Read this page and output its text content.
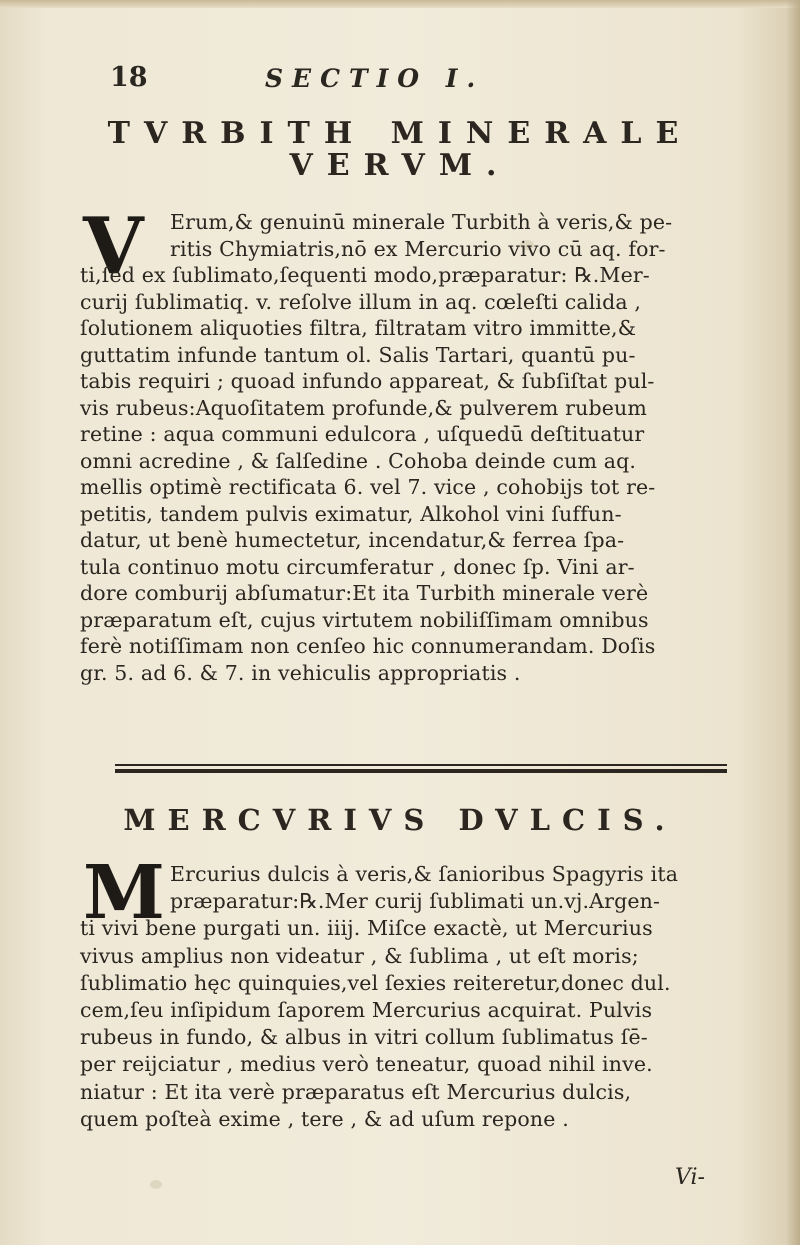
18	SECTIO I.
TVRBITH MINERALE
VERVM.
V	Erum,& genuinū minerale Turbith à veris,& pe-
ritis Chymiatris,nō ex Mercurio vivo cū aq. for-
ti,ſed ex ſublimato,ſequenti modo,præparatur: ℞.Mer-
curij ſublimatiq. v. reſolve illum in aq. cœleſti calida ,
ſolutionem aliquoties filtra, filtratam vitro immitte,&
guttatim infunde tantum ol. Salis Tartari, quantū pu-
tabis requiri ; quoad infundo appareat, & ſubſiſtat pul-
vis rubeus:Aquoſitatem profunde,& pulverem rubeum
retine : aqua communi edulcora , uſquedū deſtituatur
omni acredine , & ſalſedine . Cohoba deinde cum aq.
mellis optimè rectificata 6. vel 7. vice , cohobijs tot re-
petitis, tandem pulvis eximatur, Alkohol vini ſuffun-
datur, ut benè humectetur, incendatur,& ferrea ſpa-
tula continuo motu circumferatur , donec ſp. Vini ar-
dore comburij abſumatur:Et ita Turbith minerale verè
præparatum eſt, cujus virtutem nobiliſſimam omnibus
ferè notiſſimam non cenſeo hic connumerandam. Doſis
gr. 5. ad 6. & 7. in vehiculis appropriatis .
MERCVRIVS DVLCIS.
M Ercurius dulcis à veris,& ſanioribus Spagyris ita
præparatur:℞.Mer curij ſublimati un.vj.Argen-
ti vivi bene purgati un. iiij. Miſce exactè, ut Mercurius
vivus amplius non videatur , & ſublima , ut eſt moris;
ſublimatio hęc quinquies,vel ſexies reiteretur,donec dul.
cem,ſeu inſipidum ſaporem Mercurius acquirat. Pulvis
rubeus in fundo, & albus in vitri collum ſublimatus ſē-
per reijciatur , medius verò teneatur, quoad nihil inve.
niatur : Et ita verè præparatus eſt Mercurius dulcis,
quem poſteà exime , tere , & ad uſum repone .
Vi-
